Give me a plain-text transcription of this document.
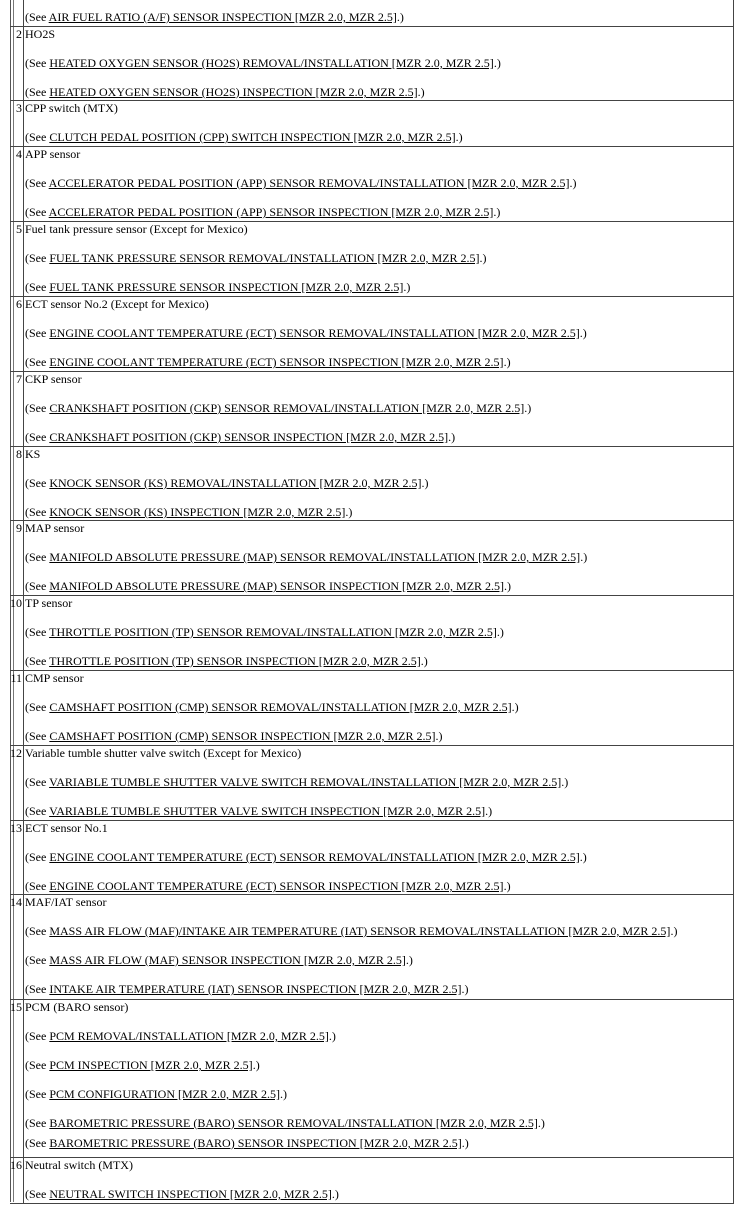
(See AIR FUEL RATIO (A/F) SENSOR INSPECTION [MZR 2.0, MZR 2.5].)
2 HO2S
(See HEATED OXYGEN SENSOR (HO2S) REMOVAL/INSTALLATION [MZR 2.0, MZR 2.5].)
(See HEATED OXYGEN SENSOR (HO2S) INSPECTION [MZR 2.0, MZR 2.5].)
3 CPP switch (MTX)
(See CLUTCH PEDAL POSITION (CPP) SWITCH INSPECTION [MZR 2.0, MZR 2.5].)
4 APP sensor
(See ACCELERATOR PEDAL POSITION (APP) SENSOR REMOVAL/INSTALLATION [MZR 2.0, MZR 2.5].)
(See ACCELERATOR PEDAL POSITION (APP) SENSOR INSPECTION [MZR 2.0, MZR 2.5].)
5 Fuel tank pressure sensor (Except for Mexico)
(See FUEL TANK PRESSURE SENSOR REMOVAL/INSTALLATION [MZR 2.0, MZR 2.5].)
(See FUEL TANK PRESSURE SENSOR INSPECTION [MZR 2.0, MZR 2.5].)
6 ECT sensor No.2 (Except for Mexico)
(See ENGINE COOLANT TEMPERATURE (ECT) SENSOR REMOVAL/INSTALLATION [MZR 2.0, MZR 2.5].)
(See ENGINE COOLANT TEMPERATURE (ECT) SENSOR INSPECTION [MZR 2.0, MZR 2.5].)
7 CKP sensor
(See CRANKSHAFT POSITION (CKP) SENSOR REMOVAL/INSTALLATION [MZR 2.0, MZR 2.5].)
(See CRANKSHAFT POSITION (CKP) SENSOR INSPECTION [MZR 2.0, MZR 2.5].)
8 KS
(See KNOCK SENSOR (KS) REMOVAL/INSTALLATION [MZR 2.0, MZR 2.5].)
(See KNOCK SENSOR (KS) INSPECTION [MZR 2.0, MZR 2.5].)
9 MAP sensor
(See MANIFOLD ABSOLUTE PRESSURE (MAP) SENSOR REMOVAL/INSTALLATION [MZR 2.0, MZR 2.5].)
(See MANIFOLD ABSOLUTE PRESSURE (MAP) SENSOR INSPECTION [MZR 2.0, MZR 2.5].)
10 TP sensor
(See THROTTLE POSITION (TP) SENSOR REMOVAL/INSTALLATION [MZR 2.0, MZR 2.5].)
(See THROTTLE POSITION (TP) SENSOR INSPECTION [MZR 2.0, MZR 2.5].)
11 CMP sensor
(See CAMSHAFT POSITION (CMP) SENSOR REMOVAL/INSTALLATION [MZR 2.0, MZR 2.5].)
(See CAMSHAFT POSITION (CMP) SENSOR INSPECTION [MZR 2.0, MZR 2.5].)
12 Variable tumble shutter valve switch (Except for Mexico)
(See VARIABLE TUMBLE SHUTTER VALVE SWITCH REMOVAL/INSTALLATION [MZR 2.0, MZR 2.5].)
(See VARIABLE TUMBLE SHUTTER VALVE SWITCH INSPECTION [MZR 2.0, MZR 2.5].)
13 ECT sensor No.1
(See ENGINE COOLANT TEMPERATURE (ECT) SENSOR REMOVAL/INSTALLATION [MZR 2.0, MZR 2.5].)
(See ENGINE COOLANT TEMPERATURE (ECT) SENSOR INSPECTION [MZR 2.0, MZR 2.5].)
14 MAF/IAT sensor
(See MASS AIR FLOW (MAF)/INTAKE AIR TEMPERATURE (IAT) SENSOR REMOVAL/INSTALLATION [MZR 2.0, MZR 2.5].)
(See MASS AIR FLOW (MAF) SENSOR INSPECTION [MZR 2.0, MZR 2.5].)
(See INTAKE AIR TEMPERATURE (IAT) SENSOR INSPECTION [MZR 2.0, MZR 2.5].)
15 PCM (BARO sensor)
(See PCM REMOVAL/INSTALLATION [MZR 2.0, MZR 2.5].)
(See PCM INSPECTION [MZR 2.0, MZR 2.5].)
(See PCM CONFIGURATION [MZR 2.0, MZR 2.5].)
(See BAROMETRIC PRESSURE (BARO) SENSOR REMOVAL/INSTALLATION [MZR 2.0, MZR 2.5].)
(See BAROMETRIC PRESSURE (BARO) SENSOR INSPECTION [MZR 2.0, MZR 2.5].)
16 Neutral switch (MTX)
(See NEUTRAL SWITCH INSPECTION [MZR 2.0, MZR 2.5].)
